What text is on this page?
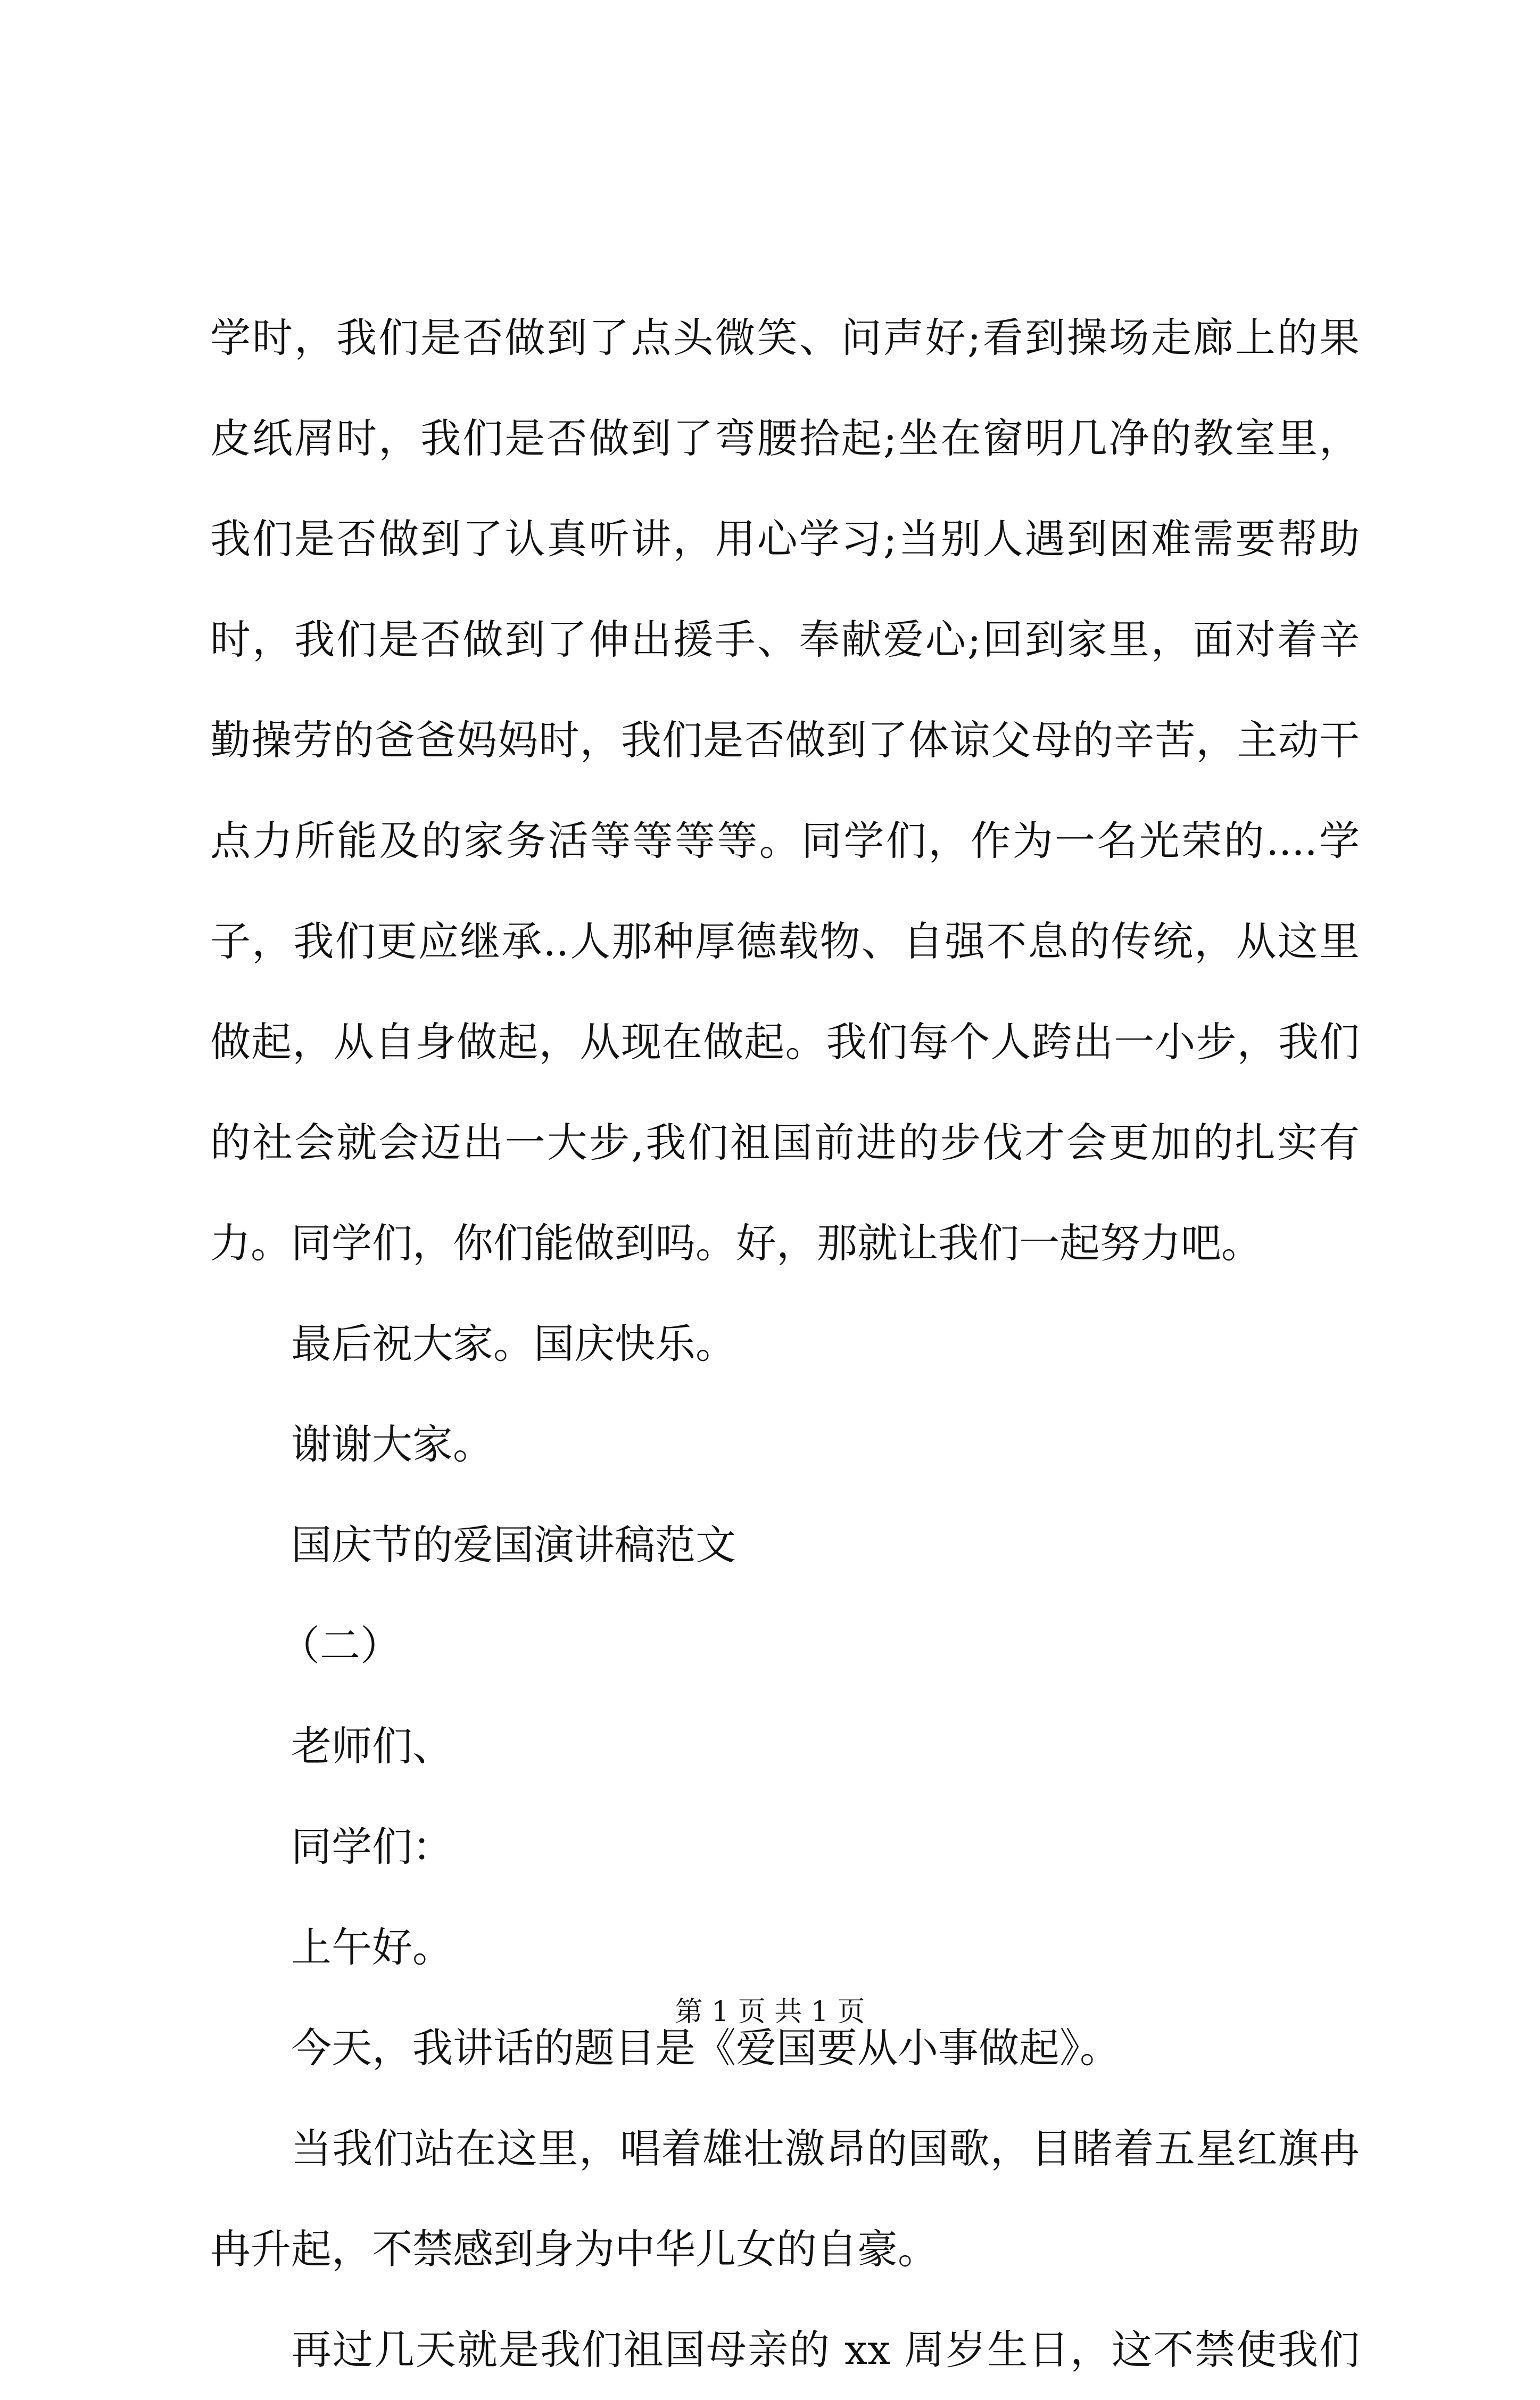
学时，我们是否做到了点头微笑、问声好;看到操场走廊上的果
皮纸屑时，我们是否做到了弯腰拾起;坐在窗明几净的教室里，
我们是否做到了认真听讲，用心学习;当别人遇到困难需要帮助
时，我们是否做到了伸出援手、奉献爱心;回到家里，面对着辛
勤操劳的爸爸妈妈时，我们是否做到了体谅父母的辛苦，主动干
点力所能及的家务活等等等等。同学们，作为一名光荣的....学
子，我们更应继承..人那种厚德载物、自强不息的传统，从这里
做起，从自身做起，从现在做起。我们每个人跨出一小步，我们
的社会就会迈出一大步,我们祖国前进的步伐才会更加的扎实有
力。同学们，你们能做到吗。好，那就让我们一起努力吧。
最后祝大家。国庆快乐。
谢谢大家。
国庆节的爱国演讲稿范文
（二）
老师们、
同学们：
上午好。
今天，我讲话的题目是《爱国要从小事做起》。
当我们站在这里，唱着雄壮激昂的国歌，目睹着五星红旗冉
冉升起，不禁感到身为中华儿女的自豪。
再过几天就是我们祖国母亲的 xx 周岁生日，这不禁使我们
第 1 页 共 1 页
